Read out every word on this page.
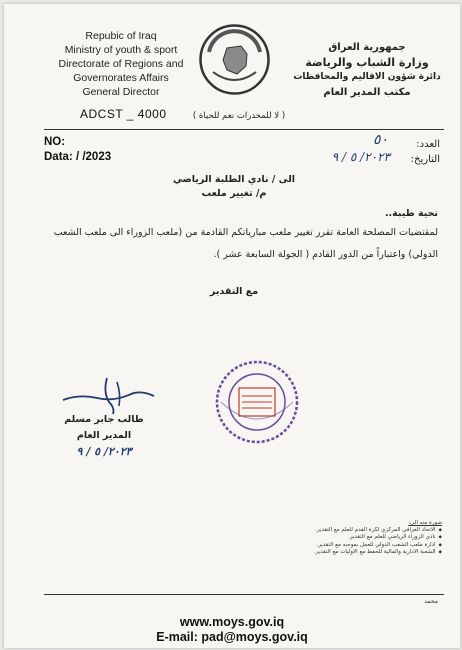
Repubic of Iraq
Ministry of youth & sport
Directorate of Regions and
Governorates Affairs
General Director
جمهورية العراق
وزارة الشباب والرياضة
دائرة شؤون الاقاليم والمحافظات
مكتب المدير العام
ADCST _ 4000	( لا للمخدرات نعم للحياة )
NO:
Data: / /2023
العدد:
٥٠
التاريخ:
٢٠٢٣/ ٥ / ٩
الى / نادي الطلبة الرياضي
م/ تغيير ملعب
تحية طيبة..
لمقتضيات المصلحة العامة تقرر تغيير ملعب مبارياتكم القادمة من (ملعب الزوراء الى ملعب الشعب
الدولي) واعتباراً من الدور القادم ( الجولة السابعة عشر ).
مع التقدير
طالب جابر مسلم
المدير العام
٢٠٢٣/ ٥ / ٩
صورة منه الى:
◆ الاتحاد العراقي المركزي لكرة القدم للعلم مع التقدير.
◆ نادي الزوراء الرياضي للعلم مع التقدير.
◆ ادارة ملعب الشعب الدولي للعمل بموجبه مع التقدير.
◆ الشعبة الادارية والمالية للحفظ مع الاوليات مع التقدير.
محمد
www.moys.gov.iq
E-mail: pad@moys.gov.iq
